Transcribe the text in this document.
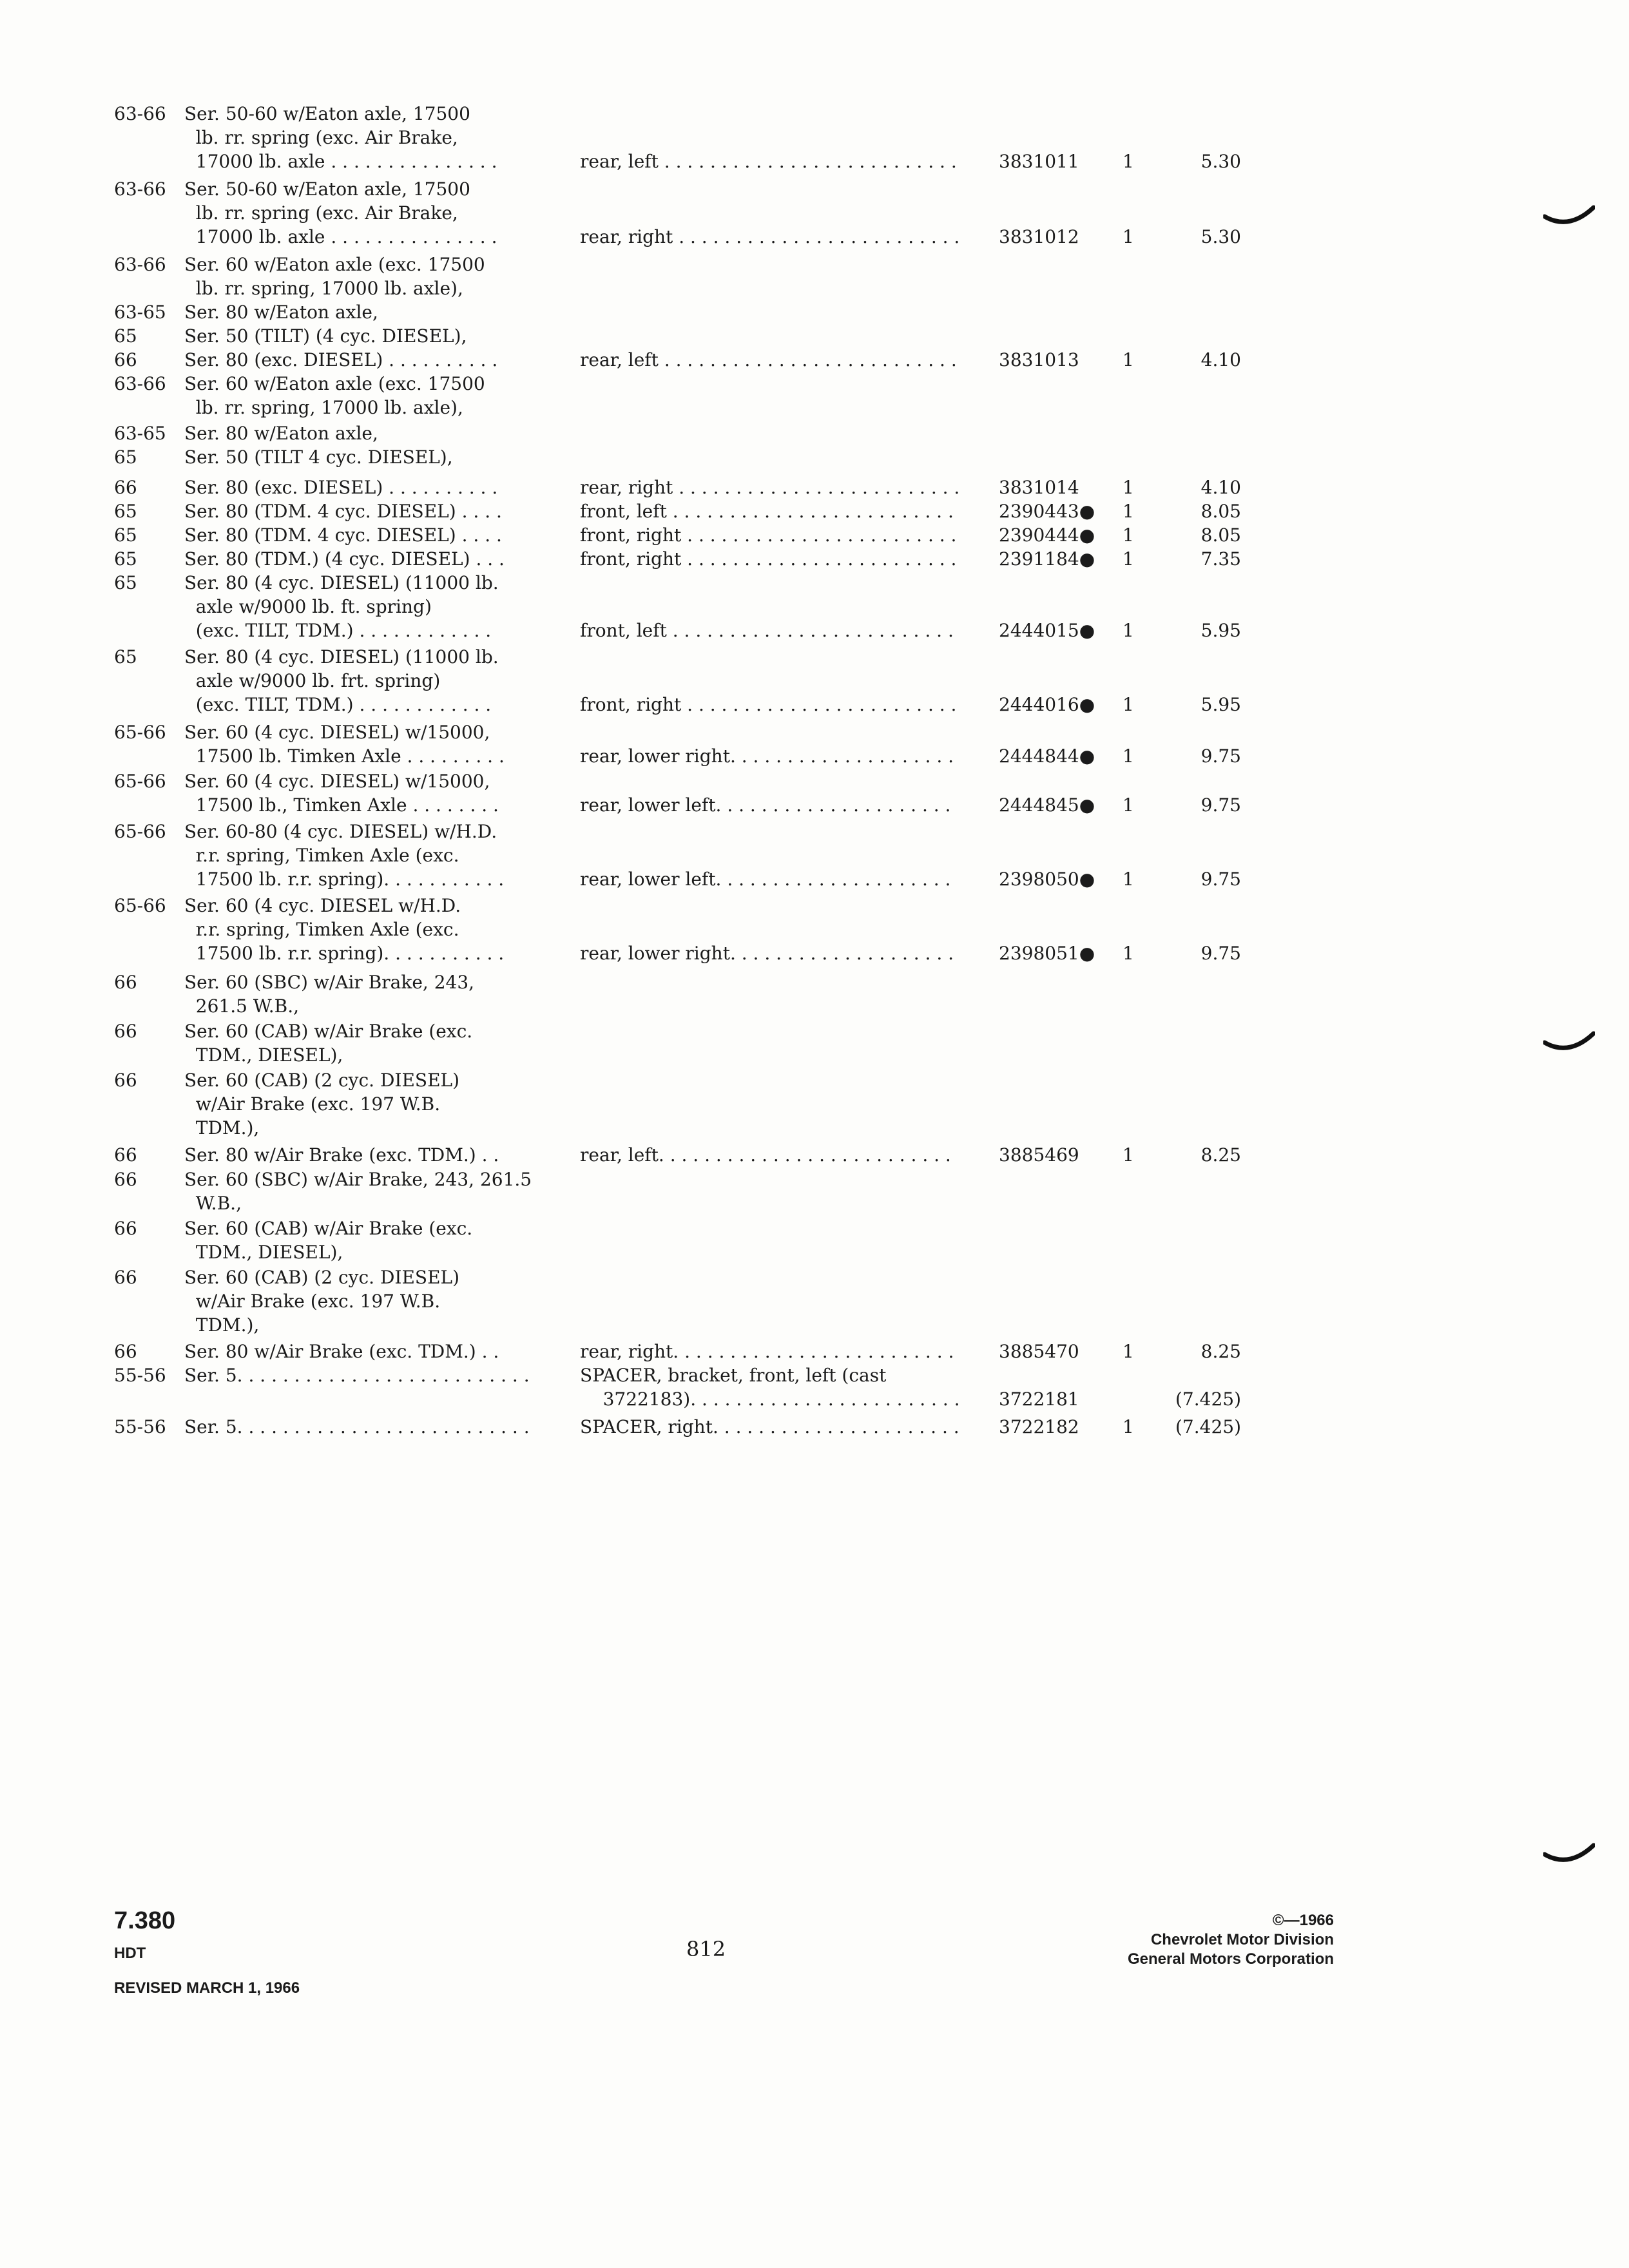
63-66 Ser. 50-60 w/Eaton axle, 17500
lb. rr. spring (exc. Air Brake,
17000 lb. axle . . . . . . . . . . . . . . .	rear, left . . . . . . . . . . . . . . . . . . . . . . . . . . 3831011 1	5.30
63-66 Ser. 50-60 w/Eaton axle, 17500
lb. rr. spring (exc. Air Brake,
17000 lb. axle . . . . . . . . . . . . . . .	rear, right . . . . . . . . . . . . . . . . . . . . . . . . . 3831012 1	5.30
63-66 Ser. 60 w/Eaton axle (exc. 17500
lb. rr. spring, 17000 lb. axle),
63-65 Ser. 80 w/Eaton axle,
65	Ser. 50 (TILT) (4 cyc. DIESEL),
66	Ser. 80 (exc. DIESEL) . . . . . . . . . .	rear, left . . . . . . . . . . . . . . . . . . . . . . . . . . 3831013 1	4.10
63-66 Ser. 60 w/Eaton axle (exc. 17500
lb. rr. spring, 17000 lb. axle),
63-65 Ser. 80 w/Eaton axle,
65	Ser. 50 (TILT 4 cyc. DIESEL),
66	Ser. 80 (exc. DIESEL) . . . . . . . . . .	rear, right . . . . . . . . . . . . . . . . . . . . . . . . . 3831014 1	4.10
65	Ser. 80 (TDM. 4 cyc. DIESEL) . . . .	front, left . . . . . . . . . . . . . . . . . . . . . . . . .	2390443● 1	8.05
65	Ser. 80 (TDM. 4 cyc. DIESEL) . . . .	front, right . . . . . . . . . . . . . . . . . . . . . . . . 2390444● 1	8.05
65	Ser. 80 (TDM.) (4 cyc. DIESEL) . . .	front, right . . . . . . . . . . . . . . . . . . . . . . . . 2391184● 1	7.35
65	Ser. 80 (4 cyc. DIESEL) (11000 lb.
axle w/9000 lb. ft. spring)
(exc. TILT, TDM.) . . . . . . . . . . . .	front, left . . . . . . . . . . . . . . . . . . . . . . . . .	2444015● 1	5.95
65	Ser. 80 (4 cyc. DIESEL) (11000 lb.
axle w/9000 lb. frt. spring)
(exc. TILT, TDM.) . . . . . . . . . . . .	front, right . . . . . . . . . . . . . . . . . . . . . . . . 2444016● 1	5.95
65-66 Ser. 60 (4 cyc. DIESEL) w/15000,
17500 lb. Timken Axle . . . . . . . . .	rear, lower right. . . . . . . . . . . . . . . . . . . . 2444844● 1	9.75
65-66 Ser. 60 (4 cyc. DIESEL) w/15000,
17500 lb., Timken Axle . . . . . . . .	rear, lower left. . . . . . . . . . . . . . . . . . . . .	2444845● 1	9.75
65-66 Ser. 60-80 (4 cyc. DIESEL) w/H.D.
r.r. spring, Timken Axle (exc.
17500 lb. r.r. spring). . . . . . . . . . .	rear, lower left. . . . . . . . . . . . . . . . . . . . .	2398050● 1	9.75
65-66 Ser. 60 (4 cyc. DIESEL w/H.D.
r.r. spring, Timken Axle (exc.
17500 lb. r.r. spring). . . . . . . . . . .	rear, lower right. . . . . . . . . . . . . . . . . . . . 2398051● 1	9.75
66	Ser. 60 (SBC) w/Air Brake, 243,
261.5 W.B.,
66	Ser. 60 (CAB) w/Air Brake (exc.
TDM., DIESEL),
66	Ser. 60 (CAB) (2 cyc. DIESEL)
w/Air Brake (exc. 197 W.B.
TDM.),
66	Ser. 80 w/Air Brake (exc. TDM.) . .	rear, left. . . . . . . . . . . . . . . . . . . . . . . . . .	3885469 1	8.25
66	Ser. 60 (SBC) w/Air Brake, 243, 261.5
W.B.,
66	Ser. 60 (CAB) w/Air Brake (exc.
TDM., DIESEL),
66	Ser. 60 (CAB) (2 cyc. DIESEL)
w/Air Brake (exc. 197 W.B.
TDM.),
66	Ser. 80 w/Air Brake (exc. TDM.) . .	rear, right. . . . . . . . . . . . . . . . . . . . . . . . . 3885470 1	8.25
55-56 Ser. 5. . . . . . . . . . . . . . . . . . . . . . . . . .	SPACER, bracket, front, left (cast
3722183). . . . . . . . . . . . . . . . . . . . . . . . 3722181	(7.425)
55-56 Ser. 5. . . . . . . . . . . . . . . . . . . . . . . . . .	SPACER, right. . . . . . . . . . . . . . . . . . . . . . 3722182 1	(7.425)
7.380
HDT
REVISED MARCH 1, 1966
812
©—1966
Chevrolet Motor Division
General Motors Corporation
